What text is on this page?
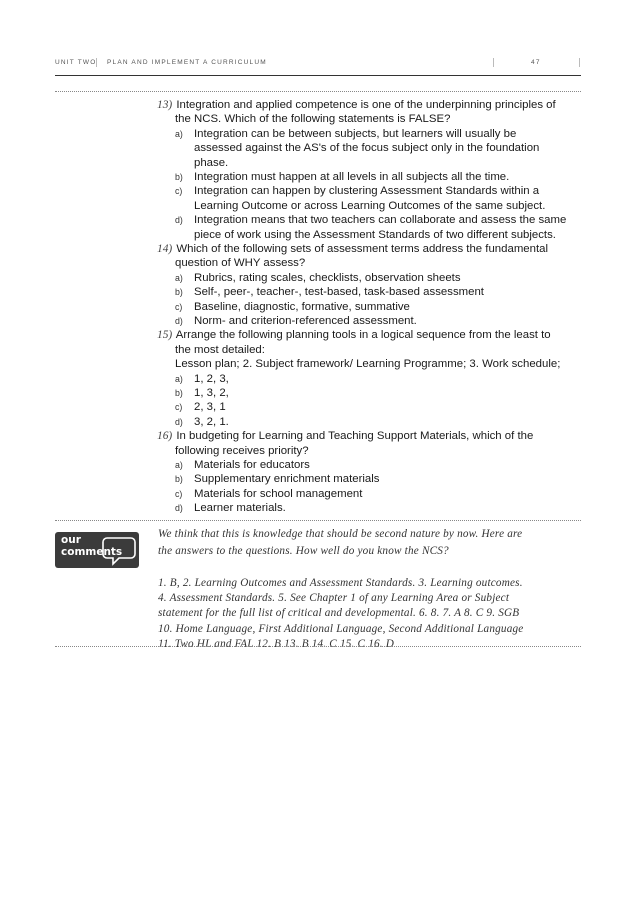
UNIT TWO PLAN AND IMPLEMENT A CURRICULUM	47
13) Integration and applied competence is one of the underpinning principles of
the NCS. Which of the following statements is FALSE?
a) Integration can be between subjects, but learners will usually be
assessed against the AS's of the focus subject only in the foundation
phase.
b) Integration must happen at all levels in all subjects all the time.
c) Integration can happen by clustering Assessment Standards within a
Learning Outcome or across Learning Outcomes of the same subject.
d) Integration means that two teachers can collaborate and assess the same
piece of work using the Assessment Standards of two different subjects.
14) Which of the following sets of assessment terms address the fundamental
question of WHY assess?
a) Rubrics, rating scales, checklists, observation sheets
b) Self-, peer-, teacher-, test-based, task-based assessment
c) Baseline, diagnostic, formative, summative
d) Norm- and criterion-referenced assessment.
15) Arrange the following planning tools in a logical sequence from the least to
the most detailed:
Lesson plan; 2. Subject framework/ Learning Programme; 3. Work schedule;
a) 1, 2, 3,
b) 1, 3, 2,
c) 2, 3, 1
d) 3, 2, 1.
16) In budgeting for Learning and Teaching Support Materials, which of the
following receives priority?
a) Materials for educators
b) Supplementary enrichment materials
c) Materials for school management
d) Learner materials.
our
comments
We think that this is knowledge that should be second nature by now. Here are
the answers to the questions. How well do you know the NCS?
1. B, 2. Learning Outcomes and Assessment Standards. 3. Learning outcomes.
4. Assessment Standards. 5. See Chapter 1 of any Learning Area or Subject
statement for the full list of critical and developmental. 6. 8. 7. A 8. C 9. SGB
10. Home Language, First Additional Language, Second Additional Language
11. Two HL and FAL 12. B 13. B 14. C 15. C 16. D
